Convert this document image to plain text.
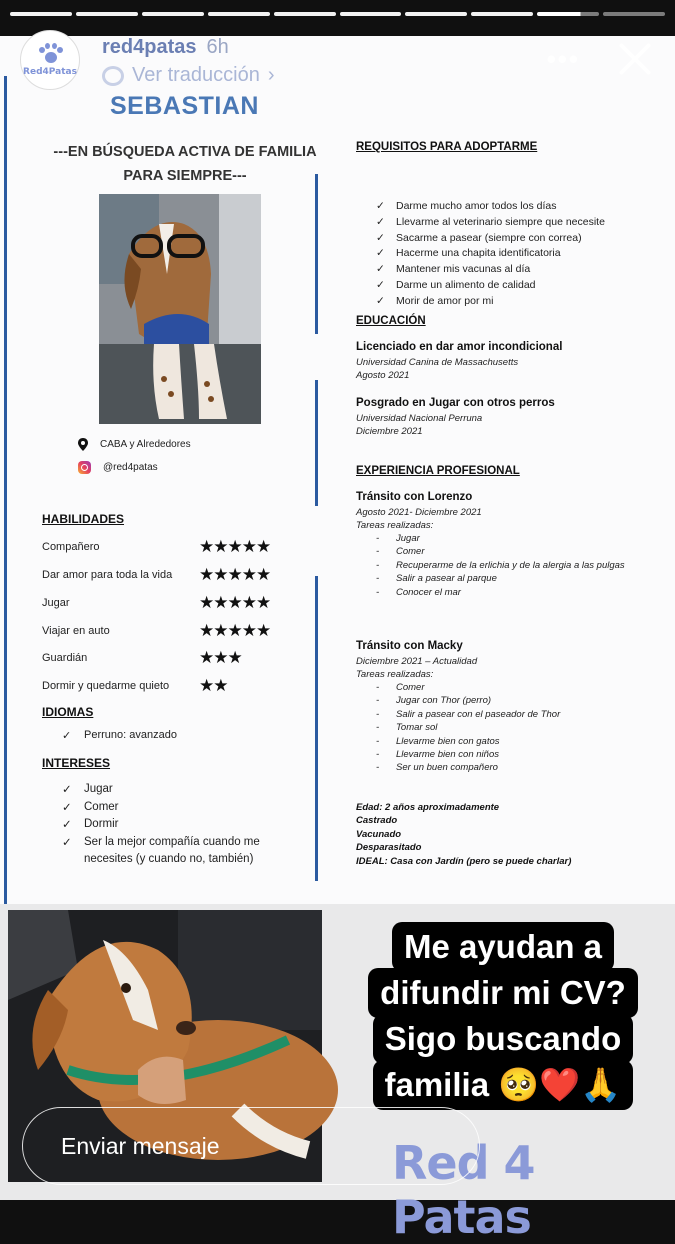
SEBASTIAN
---EN BÚSQUEDA ACTIVA DE FAMILIA PARA SIEMPRE---
CABA y Alrededores
@red4patas
HABILIDADES
Compañero	★★★★★
Dar amor para toda la vida ★★★★★
Jugar	★★★★★
Viajar en auto	★★★★★
Guardián	★★★
Dormir y quedarme quieto ★★
IDIOMAS
✓ Perruno: avanzado
INTERESES
✓ Jugar
✓ Comer
✓ Dormir
✓ Ser la mejor compañía cuando me necesites (y cuando no, también)
REQUISITOS PARA ADOPTARME
✓ Darme mucho amor todos los días
✓ Llevarme al veterinario siempre que necesite
✓ Sacarme a pasear (siempre con correa)
✓ Hacerme una chapita identificatoria
✓ Mantener mis vacunas al día
✓ Darme un alimento de calidad
✓ Morir de amor por mi
EDUCACIÓN
Licenciado en dar amor incondicional
Universidad Canina de Massachusetts
Agosto 2021
Posgrado en Jugar con otros perros
Universidad Nacional Perruna
Diciembre 2021
EXPERIENCIA PROFESIONAL
Tránsito con Lorenzo
Agosto 2021- Diciembre 2021
Tareas realizadas:
- Jugar
- Comer
- Recuperarme de la erlichia y de la alergia a las pulgas
- Salir a pasear al parque
- Conocer el mar
Tránsito con Macky
Diciembre 2021 – Actualidad
Tareas realizadas:
- Comer
- Jugar con Thor (perro)
- Salir a pasear con el paseador de Thor
- Tomar sol
- Llevarme bien con gatos
- Llevarme bien con niños
- Ser un buen compañero
Edad: 2 años aproximadamente
Castrado
Vacunado
Desparasitado
IDEAL: Casa con Jardín (pero se puede charlar)
Red4Patas
red4patas 6h
Ver traducción ›
•••
Me ayudan a
difundir mi CV?
Sigo buscando
familia 🥺❤️🙏
Red 4 Patas
Enviar mensaje
